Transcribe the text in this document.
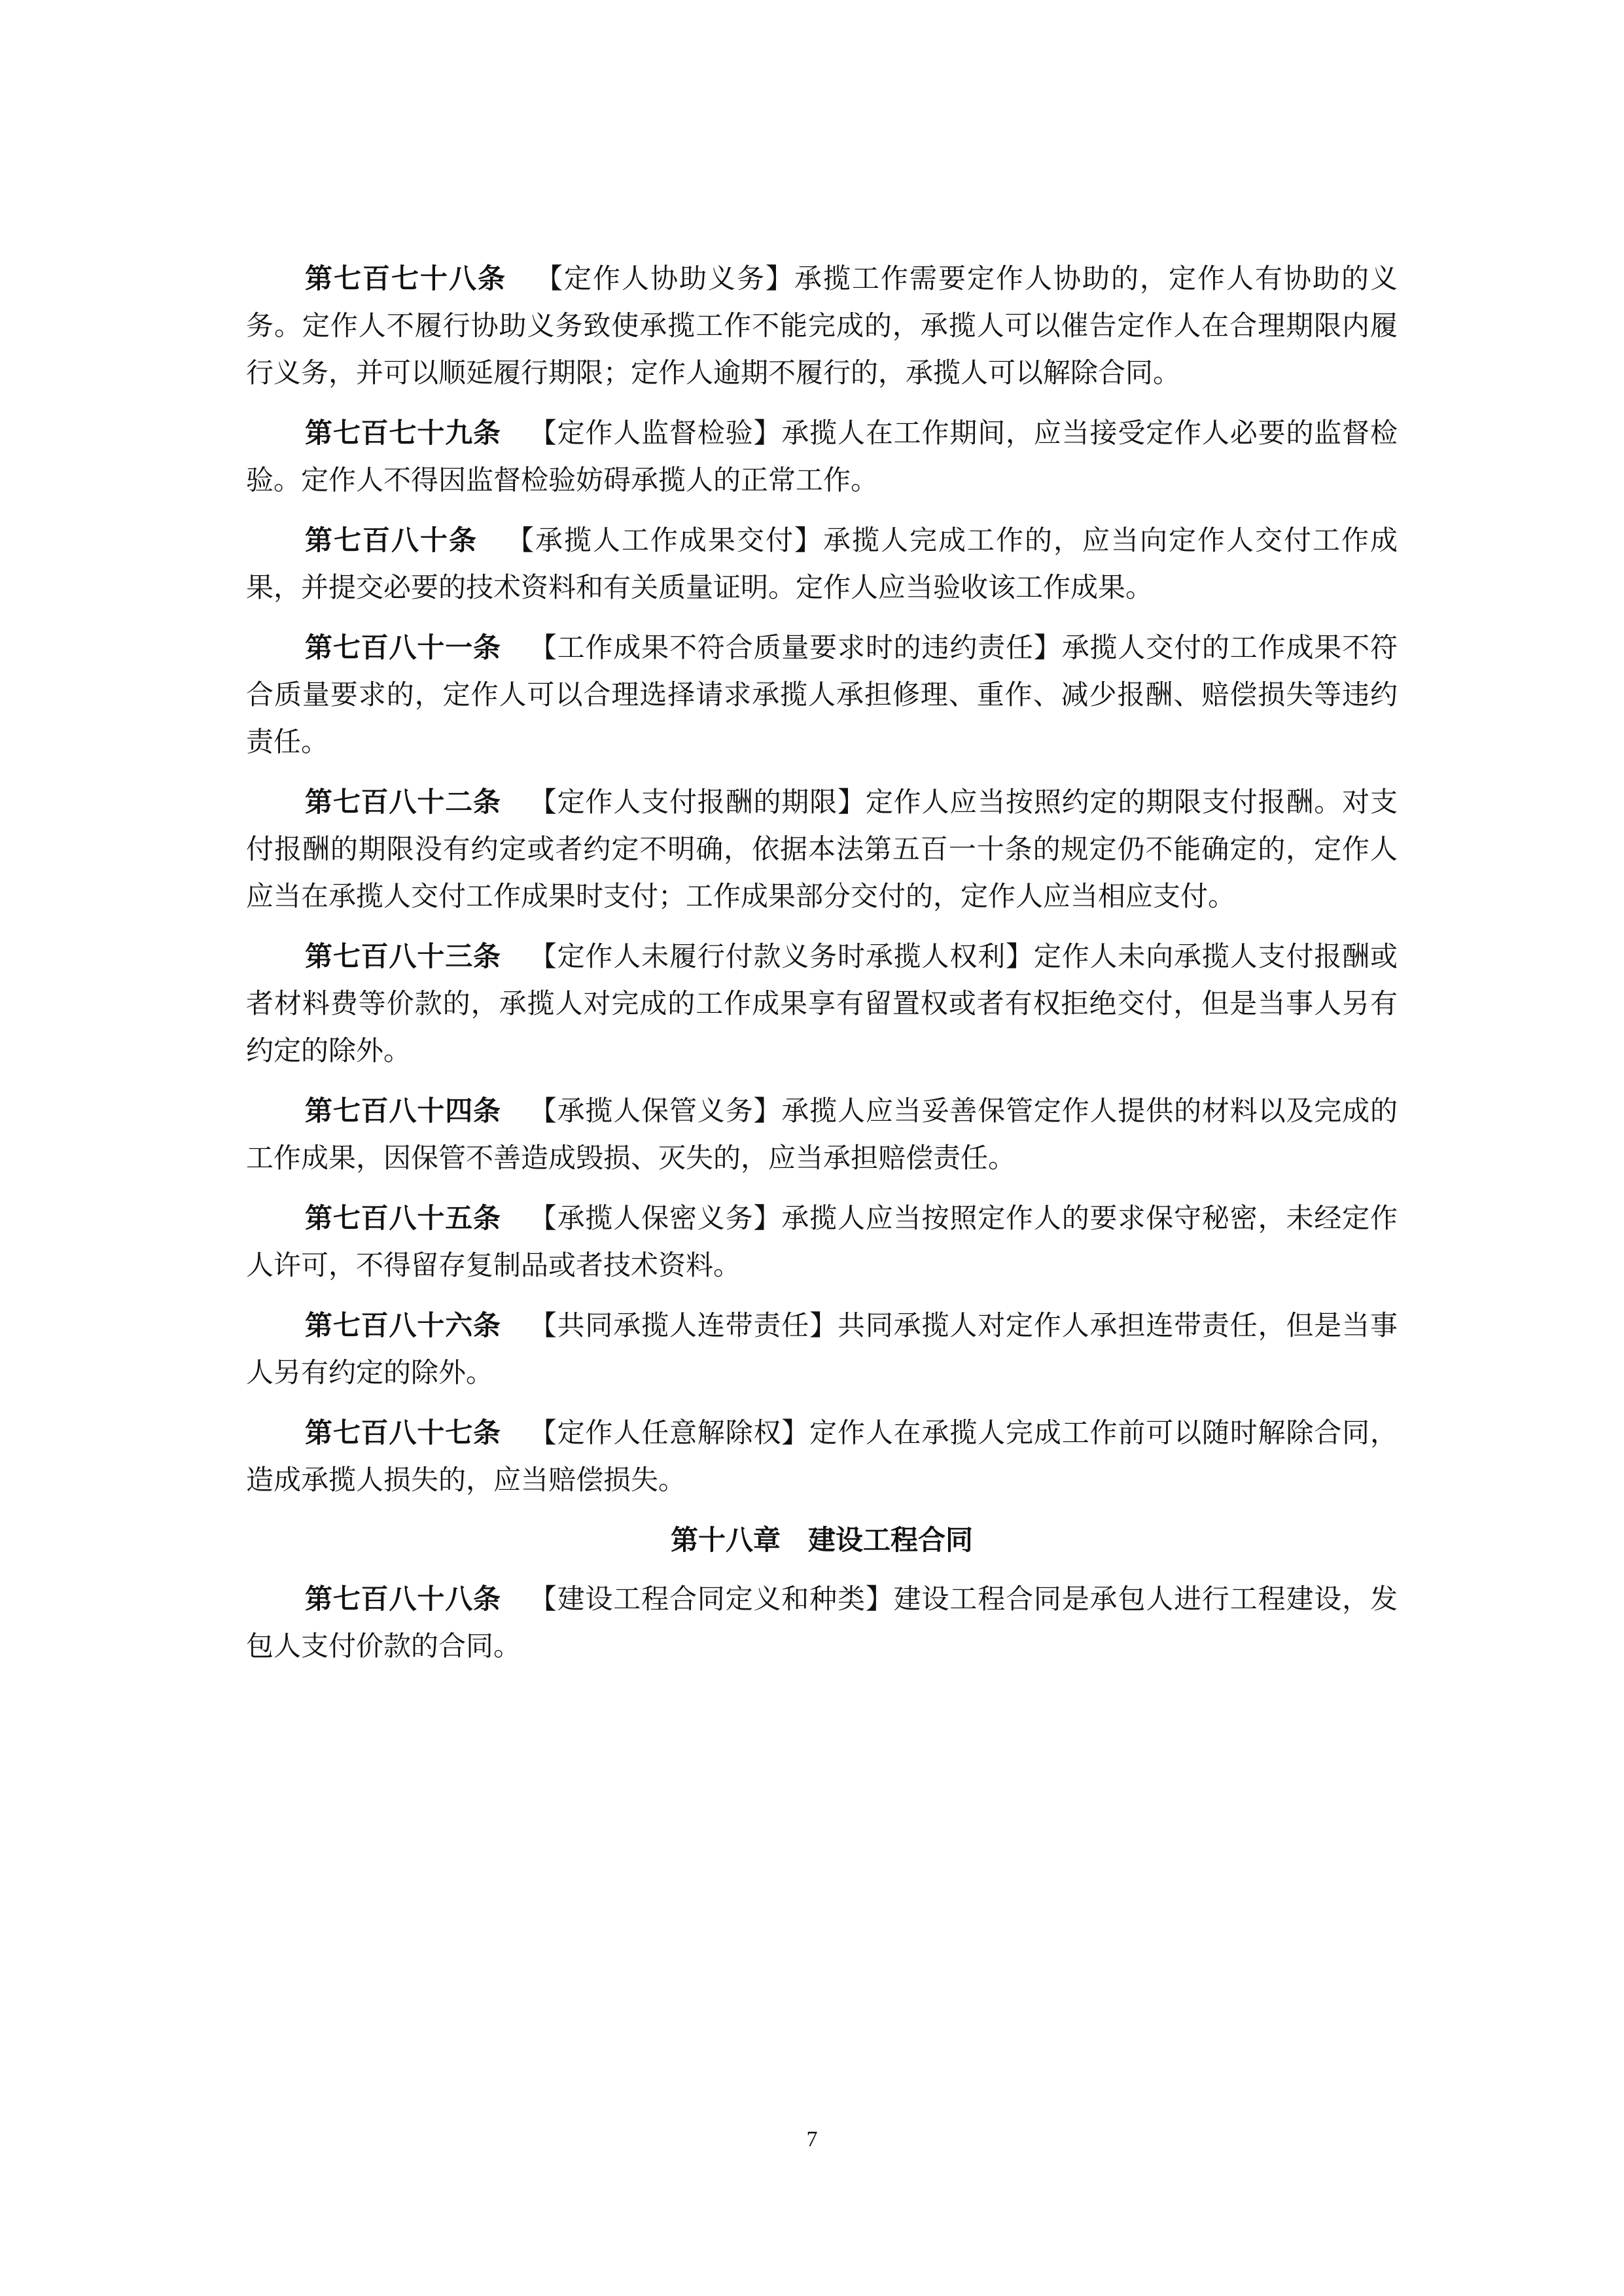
第七百七十八条 【定作人协助义务】承揽工作需要定作人协助的，定作人有协助的义务。定作人不履行协助义务致使承揽工作不能完成的，承揽人可以催告定作人在合理期限内履行义务，并可以顺延履行期限；定作人逾期不履行的，承揽人可以解除合同。

第七百七十九条 【定作人监督检验】承揽人在工作期间，应当接受定作人必要的监督检验。定作人不得因监督检验妨碍承揽人的正常工作。

第七百八十条 【承揽人工作成果交付】承揽人完成工作的，应当向定作人交付工作成果，并提交必要的技术资料和有关质量证明。定作人应当验收该工作成果。

第七百八十一条 【工作成果不符合质量要求时的违约责任】承揽人交付的工作成果不符合质量要求的，定作人可以合理选择请求承揽人承担修理、重作、减少报酬、赔偿损失等违约责任。

第七百八十二条 【定作人支付报酬的期限】定作人应当按照约定的期限支付报酬。对支付报酬的期限没有约定或者约定不明确，依据本法第五百一十条的规定仍不能确定的，定作人应当在承揽人交付工作成果时支付；工作成果部分交付的，定作人应当相应支付。

第七百八十三条 【定作人未履行付款义务时承揽人权利】定作人未向承揽人支付报酬或者材料费等价款的，承揽人对完成的工作成果享有留置权或者有权拒绝交付，但是当事人另有约定的除外。

第七百八十四条 【承揽人保管义务】承揽人应当妥善保管定作人提供的材料以及完成的工作成果，因保管不善造成毁损、灭失的，应当承担赔偿责任。

第七百八十五条 【承揽人保密义务】承揽人应当按照定作人的要求保守秘密，未经定作人许可，不得留存复制品或者技术资料。

第七百八十六条 【共同承揽人连带责任】共同承揽人对定作人承担连带责任，但是当事人另有约定的除外。

第七百八十七条 【定作人任意解除权】定作人在承揽人完成工作前可以随时解除合同，造成承揽人损失的，应当赔偿损失。

第十八章　建设工程合同

第七百八十八条 【建设工程合同定义和种类】建设工程合同是承包人进行工程建设，发包人支付价款的合同。

7
